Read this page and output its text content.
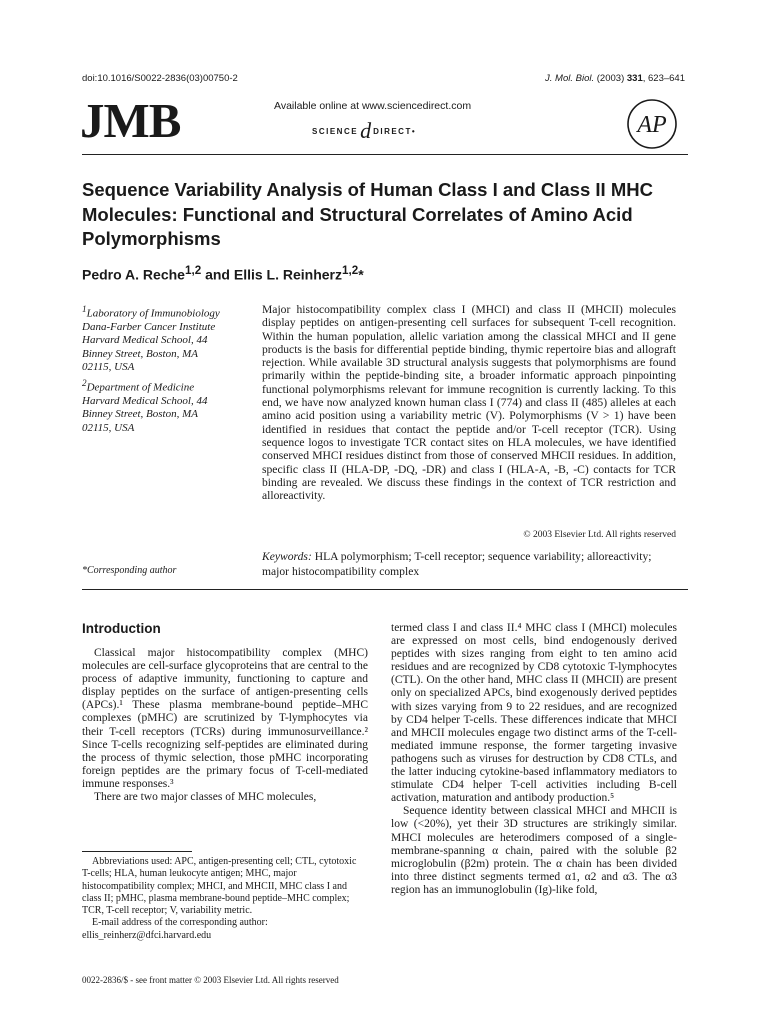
doi:10.1016/S0022-2836(03)00750-2	J. Mol. Biol. (2003) 331, 623–641
JMB	Available online at www.sciencedirect.com
SCIENCE d DIRECT•	AP
Sequence Variability Analysis of Human Class I and Class II MHC Molecules: Functional and Structural Correlates of Amino Acid Polymorphisms
Pedro A. Reche$^{1,2}$ and Ellis L. Reinherz$^{1,2}$*
$^1$Laboratory of Immunobiology
Dana-Farber Cancer Institute
Harvard Medical School, 44
Binney Street, Boston, MA
02115, USA
$^2$Department of Medicine
Harvard Medical School, 44
Binney Street, Boston, MA
02115, USA
*Corresponding author

Major histocompatibility complex class I (MHCI) and class II (MHCII) molecules display peptides on antigen-presenting cell surfaces for subsequent T-cell recognition. Within the human population, allelic variation among the classical MHCI and II gene products is the basis for differential peptide binding, thymic repertoire bias and allograft rejection. While available 3D structural analysis suggests that polymorphisms are found primarily within the peptide-binding site, a broader informatic approach pinpointing functional polymorphisms relevant for immune recognition is currently lacking. To this end, we have now analyzed known human class I (774) and class II (485) alleles at each amino acid position using a variability metric (V). Polymorphisms (V > 1) have been identified in residues that contact the peptide and/or T-cell receptor (TCR). Using sequence logos to investigate TCR contact sites on HLA molecules, we have identified conserved MHCI residues distinct from those of conserved MHCII residues. In addition, specific class II (HLA-DP, -DQ, -DR) and class I (HLA-A, -B, -C) contacts for TCR binding are revealed. We discuss these findings in the context of TCR restriction and alloreactivity.

© 2003 Elsevier Ltd. All rights reserved
Keywords: HLA polymorphism; T-cell receptor; sequence variability; alloreactivity; major histocompatibility complex
Introduction

Classical major histocompatibility complex (MHC) molecules are cell-surface glycoproteins that are central to the process of adaptive immunity, functioning to capture and display peptides on the surface of antigen-presenting cells (APCs).¹ These plasma membrane-bound peptide–MHC complexes (pMHC) are scrutinized by T-lymphocytes via their T-cell receptors (TCRs) during immunosurveillance.² Since T-cells recognizing self-peptides are eliminated during the process of thymic selection, those pMHC incorporating foreign peptides are the primary focus of T-cell-mediated immune responses.³

There are two major classes of MHC molecules,

termed class I and class II.⁴ MHC class I (MHCI) molecules are expressed on most cells, bind endogenously derived peptides with sizes ranging from eight to ten amino acid residues and are recognized by CD8 cytotoxic T-lymphocytes (CTL). On the other hand, MHC class II (MHCII) are present only on specialized APCs, bind exogenously derived peptides with sizes varying from 9 to 22 residues, and are recognized by CD4 helper T-cells. These differences indicate that MHCI and MHCII molecules engage two distinct arms of the T-cell-mediated immune response, the former targeting invasive pathogens such as viruses for destruction by CD8 CTLs, and the latter inducing cytokine-based inflammatory mediators to stimulate CD4 helper T-cell activities including B-cell activation, maturation and antibody production.⁵

Sequence identity between classical MHCI and MHCII is low (<20%), yet their 3D structures are strikingly similar. MHCI molecules are heterodimers composed of a single-membrane-spanning α chain, paired with the soluble β2 microglobulin (β2m) protein. The α chain has been divided into three distinct segments termed α1, α2 and α3. The α3 region has an immunoglobulin (Ig)-like fold,

Abbreviations used: APC, antigen-presenting cell; CTL, cytotoxic T-cells; HLA, human leukocyte antigen; MHC, major histocompatibility complex; MHCI, and MHCII, MHC class I and class II; pMHC, plasma membrane-bound peptide–MHC complex; TCR, T-cell receptor; V, variability metric.

E-mail address of the corresponding author: ellis_reinherz@dfci.harvard.edu

0022-2836/$ - see front matter © 2003 Elsevier Ltd. All rights reserved
